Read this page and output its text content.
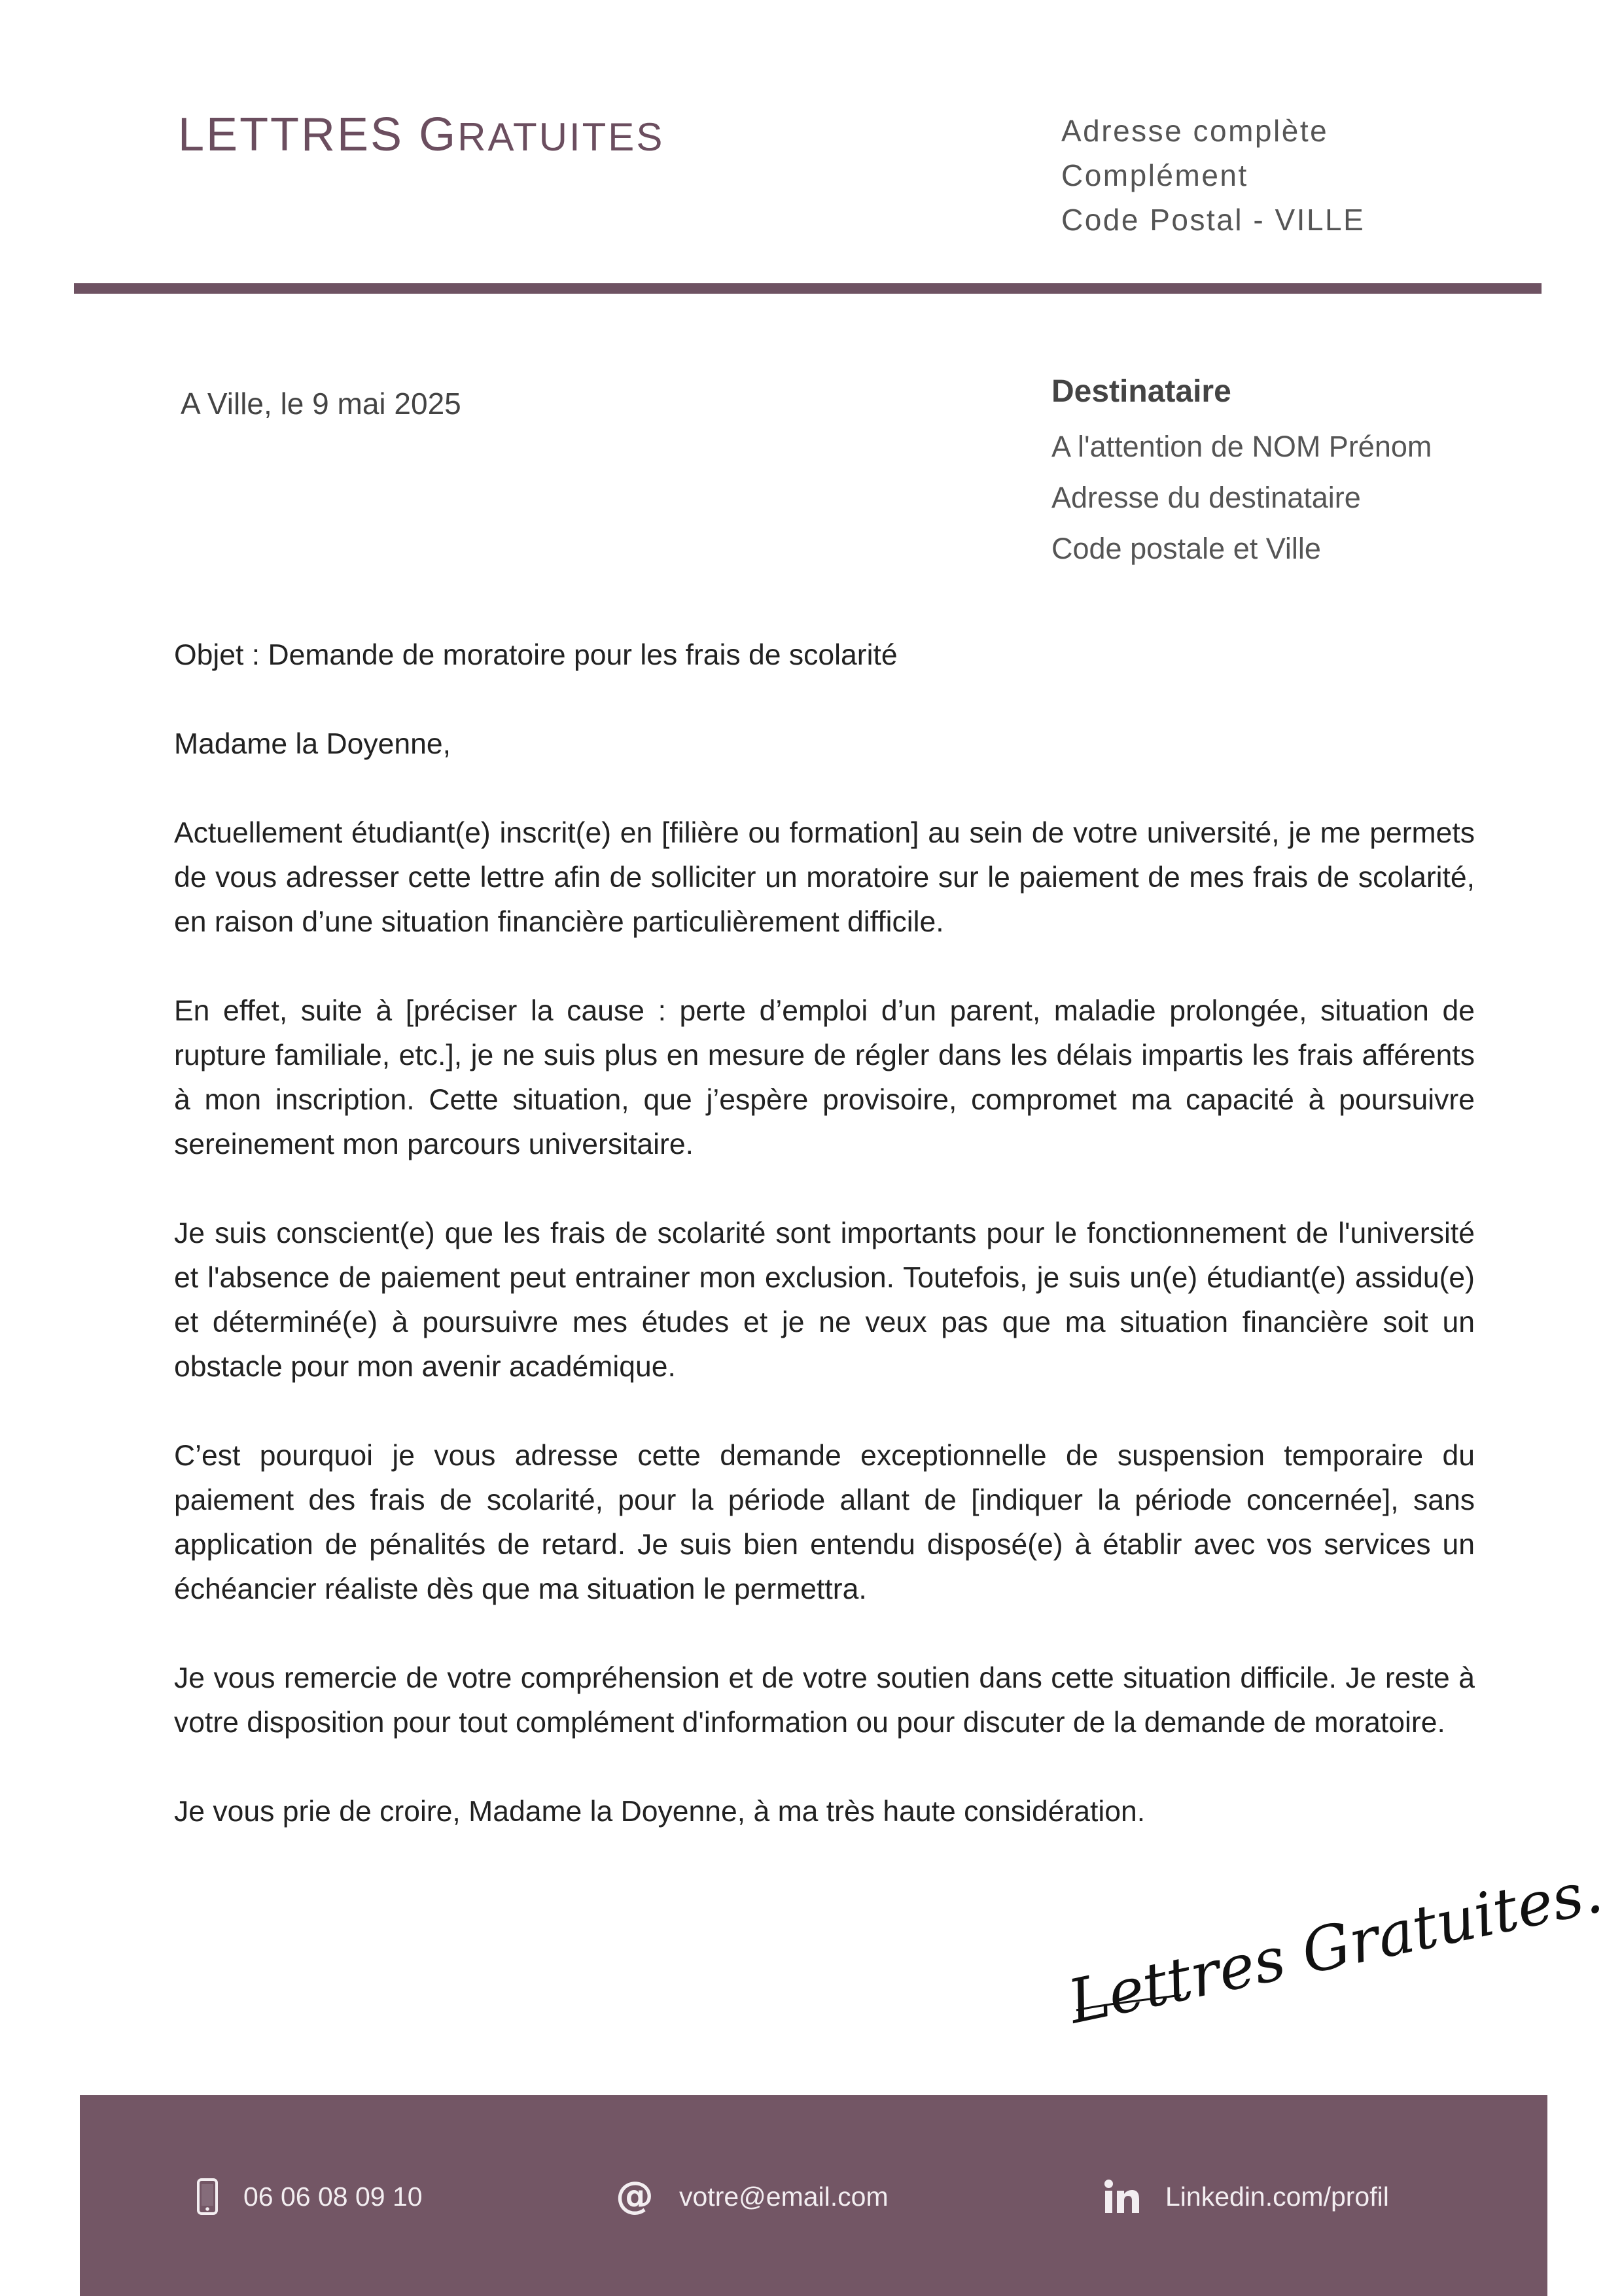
LETTRES GRATUITES	Adresse complète
Complément
Code Postal - VILLE
A Ville, le 9 mai 2025	Destinataire
A l'attention de NOM Prénom
Adresse du destinataire
Code postale et Ville

Objet : Demande de moratoire pour les frais de scolarité

Madame la Doyenne,

Actuellement étudiant(e) inscrit(e) en [filière ou formation] au sein de votre université, je me permets de vous adresser cette lettre afin de solliciter un moratoire sur le paiement de mes frais de scolarité, en raison d’une situation financière particulièrement difficile.

En effet, suite à [préciser la cause : perte d’emploi d’un parent, maladie prolongée, situation de rupture familiale, etc.], je ne suis plus en mesure de régler dans les délais impartis les frais afférents à mon inscription. Cette situation, que j’espère provisoire, compromet ma capacité à poursuivre sereinement mon parcours universitaire.

Je suis conscient(e) que les frais de scolarité sont importants pour le fonctionnement de l'université et l'absence de paiement peut entrainer mon exclusion. Toutefois, je suis un(e) étudiant(e) assidu(e) et déterminé(e) à poursuivre mes études et je ne veux pas que ma situation financière soit un obstacle pour mon avenir académique.

C’est pourquoi je vous adresse cette demande exceptionnelle de suspension temporaire du paiement des frais de scolarité, pour la période allant de [indiquer la période concernée], sans application de pénalités de retard. Je suis bien entendu disposé(e) à établir avec vos services un échéancier réaliste dès que ma situation le permettra.

Je vous remercie de votre compréhension et de votre soutien dans cette situation difficile. Je reste à votre disposition pour tout complément d'information ou pour discuter de la demande de moratoire.

Je vous prie de croire, Madame la Doyenne, à ma très haute considération.

Lettres Gratuites.
06 06 08 09 10	@ votre@email.com	Linkedin.com/profil
